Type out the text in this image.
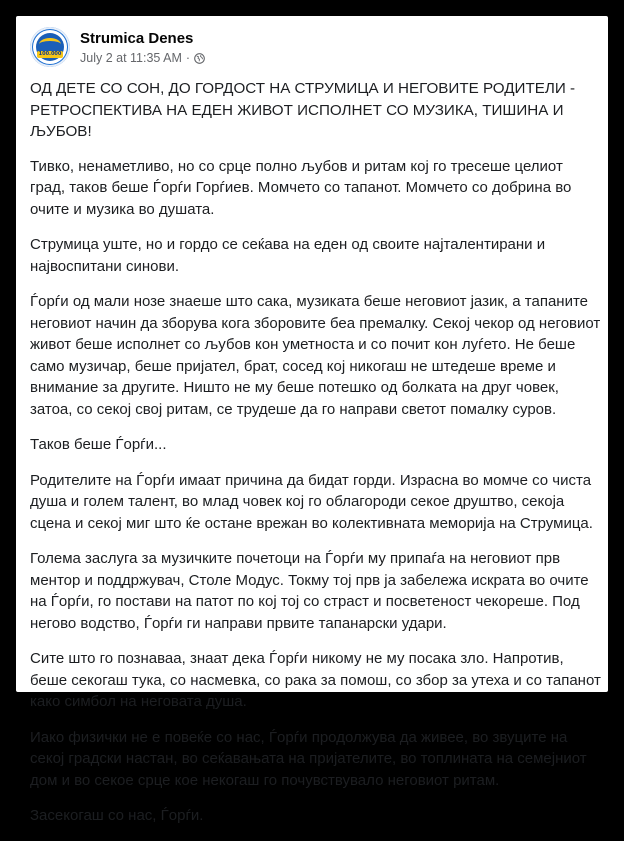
100.000
Strumica Denes
July 2 at 11:35 AM ·

ОД ДЕТЕ СО СОН, ДО ГОРДОСТ НА СТРУМИЦА И НЕГОВИТЕ РОДИТЕЛИ - РЕТРОСПЕКТИВА НА ЕДЕН ЖИВОТ ИСПОЛНЕТ СО МУЗИКА, ТИШИНА И ЉУБОВ!

Тивко, ненаметливо, но со срце полно љубов и ритам кој го тресеше целиот град, таков беше Ѓорѓи Горѓиев. Момчето со тапанот. Момчето со добрина во очите и музика во душата.

Струмица уште, но и гордо се сеќава на еден од своите најталентирани и највоспитани синови.

Ѓорѓи од мали нозе знаеше што сака, музиката беше неговиот јазик, а тапаните неговиот начин да зборува кога зборовите беа премалку. Секој чекор од неговиот живот беше исполнет со љубов кон уметноста и со почит кон луѓето. Не беше само музичар, беше пријател, брат, сосед кој никогаш не штедеше време и внимание за другите. Ништо не му беше потешко од болката на друг човек, затоа, со секој свој ритам, се трудеше да го направи светот помалку суров.

Таков беше Ѓорѓи...

Родителите на Ѓорѓи имаат причина да бидат горди. Израсна во момче со чиста душа и голем талент, во млад човек кој го облагороди секое друштво, секоја сцена и секој миг што ќе остане врежан во колективната меморија на Струмица.

Голема заслуга за музичките почетоци на Ѓорѓи му припаѓа на неговиот прв ментор и поддржувач, Столе Модус. Токму тој прв ја забележа искрата во очите на Ѓорѓи, го постави на патот по кој тој со страст и посветеност чекореше. Под негово водство, Ѓорѓи ги направи првите тапанарски удари.

Сите што го познаваа, знаат дека Ѓорѓи никому не му посака зло. Напротив, беше секогаш тука, со насмевка, со рака за помош, со збор за утеха и со тапанот како симбол на неговата душа.

Иако физички не е повеќе со нас, Ѓорѓи продолжува да живее, во звуците на секој градски настан, во сеќавањата на пријателите, во топлината на семејниот дом и во секое срце кое некогаш го почувствувало неговиот ритам.

Засекогаш со нас, Ѓорѓи.
